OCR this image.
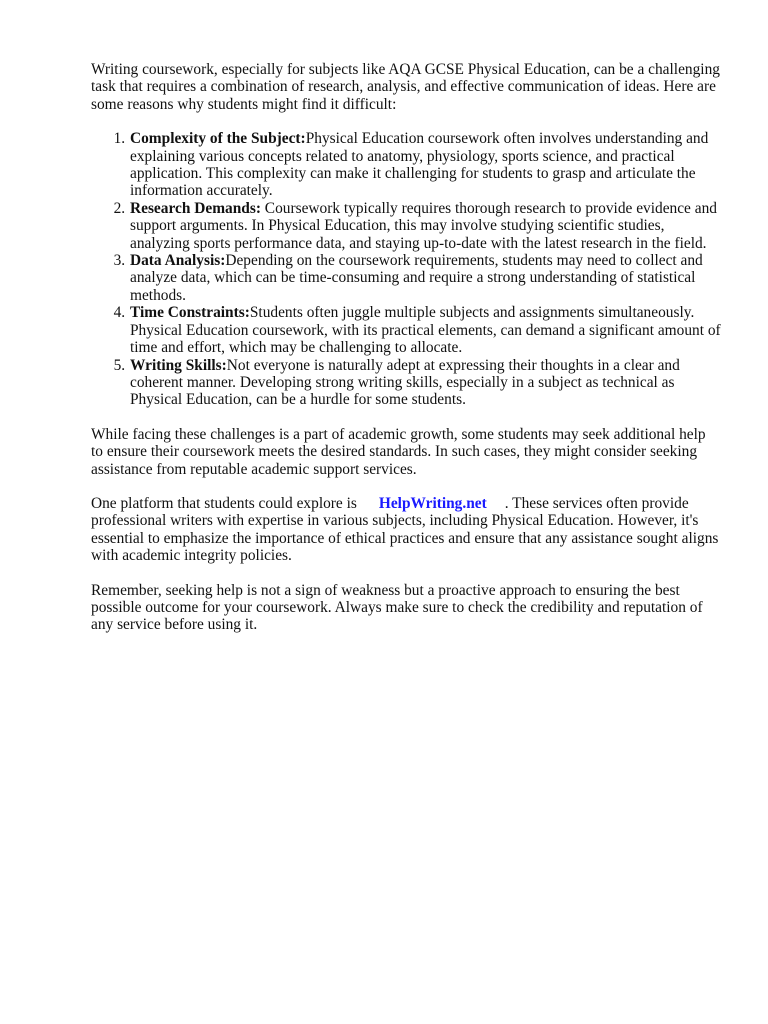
Writing coursework, especially for subjects like AQA GCSE Physical Education, can be a challenging task that requires a combination of research, analysis, and effective communication of ideas. Here are some reasons why students might find it difficult:

1. Complexity of the Subject:Physical Education coursework often involves understanding and explaining various concepts related to anatomy, physiology, sports science, and practical application. This complexity can make it challenging for students to grasp and articulate the information accurately.
2. Research Demands: Coursework typically requires thorough research to provide evidence and support arguments. In Physical Education, this may involve studying scientific studies, analyzing sports performance data, and staying up-to-date with the latest research in the field.
3. Data Analysis:Depending on the coursework requirements, students may need to collect and analyze data, which can be time-consuming and require a strong understanding of statistical methods.
4. Time Constraints:Students often juggle multiple subjects and assignments simultaneously. Physical Education coursework, with its practical elements, can demand a significant amount of time and effort, which may be challenging to allocate.
5. Writing Skills:Not everyone is naturally adept at expressing their thoughts in a clear and coherent manner. Developing strong writing skills, especially in a subject as technical as Physical Education, can be a hurdle for some students.

While facing these challenges is a part of academic growth, some students may seek additional help to ensure their coursework meets the desired standards. In such cases, they might consider seeking assistance from reputable academic support services.

One platform that students could explore is HelpWriting.net . These services often provide professional writers with expertise in various subjects, including Physical Education. However, it's essential to emphasize the importance of ethical practices and ensure that any assistance sought aligns with academic integrity policies.

Remember, seeking help is not a sign of weakness but a proactive approach to ensuring the best possible outcome for your coursework. Always make sure to check the credibility and reputation of any service before using it.
